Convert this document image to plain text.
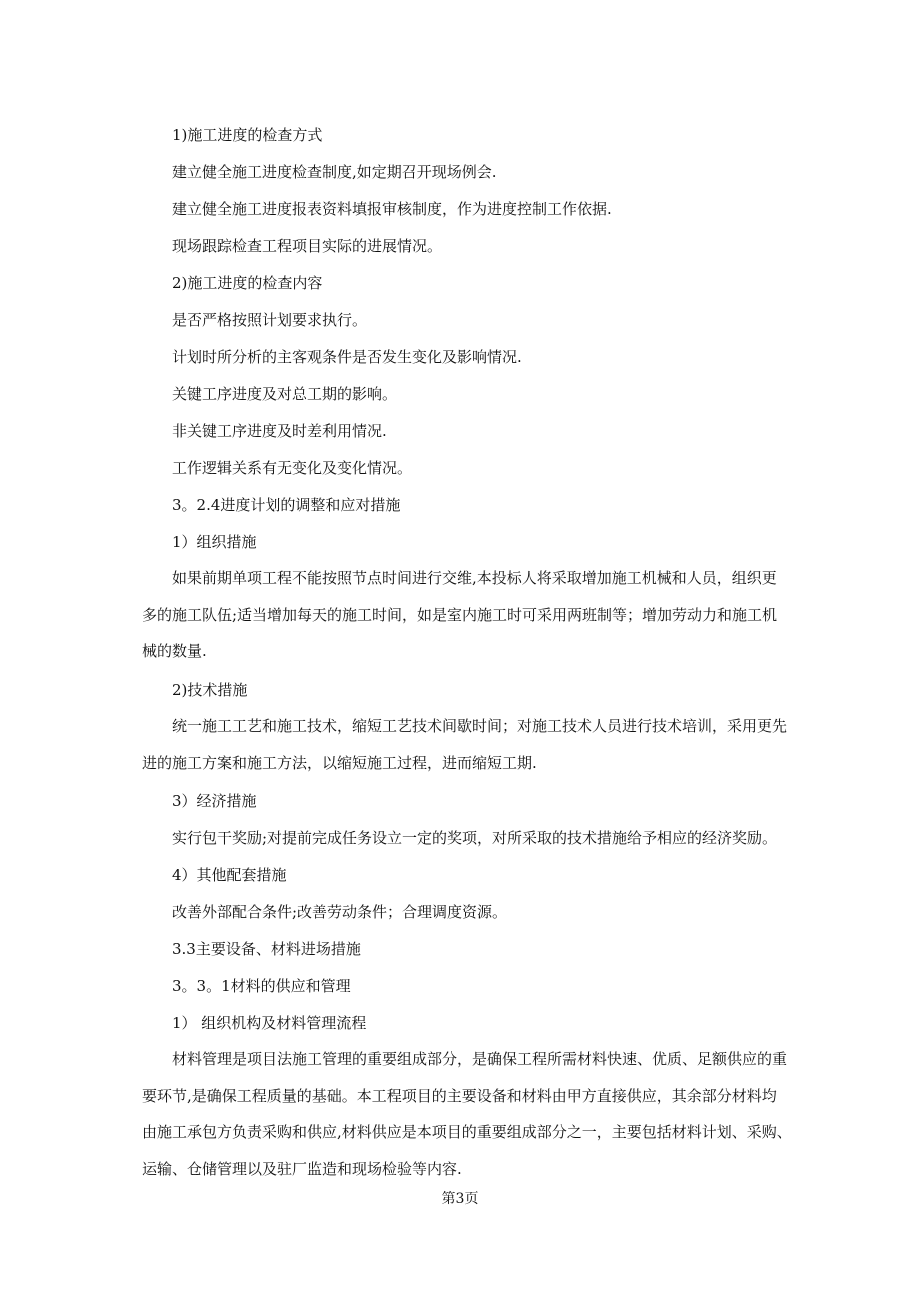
1)施工进度的检查方式
建立健全施工进度检查制度,如定期召开现场例会.
建立健全施工进度报表资料填报审核制度，作为进度控制工作依据.
现场跟踪检查工程项目实际的进展情况。
2)施工进度的检查内容
是否严格按照计划要求执行。
计划时所分析的主客观条件是否发生变化及影响情况.
关键工序进度及对总工期的影响。
非关键工序进度及时差利用情况.
工作逻辑关系有无变化及变化情况。
3。2.4进度计划的调整和应对措施
1）组织措施
如果前期单项工程不能按照节点时间进行交维,本投标人将采取增加施工机械和人员，组织更
多的施工队伍;适当增加每天的施工时间，如是室内施工时可采用两班制等；增加劳动力和施工机
械的数量.
2)技术措施
统一施工工艺和施工技术，缩短工艺技术间歇时间；对施工技术人员进行技术培训，采用更先
进的施工方案和施工方法，以缩短施工过程，进而缩短工期.
3）经济措施
实行包干奖励;对提前完成任务设立一定的奖项，对所采取的技术措施给予相应的经济奖励。
4）其他配套措施
改善外部配合条件;改善劳动条件；合理调度资源。
3.3主要设备、材料进场措施
3。3。1材料的供应和管理
1） 组织机构及材料管理流程
材料管理是项目法施工管理的重要组成部分，是确保工程所需材料快速、优质、足额供应的重
要环节,是确保工程质量的基础。本工程项目的主要设备和材料由甲方直接供应，其余部分材料均
由施工承包方负责采购和供应,材料供应是本项目的重要组成部分之一，主要包括材料计划、采购、
运输、仓储管理以及驻厂监造和现场检验等内容.
第3页
